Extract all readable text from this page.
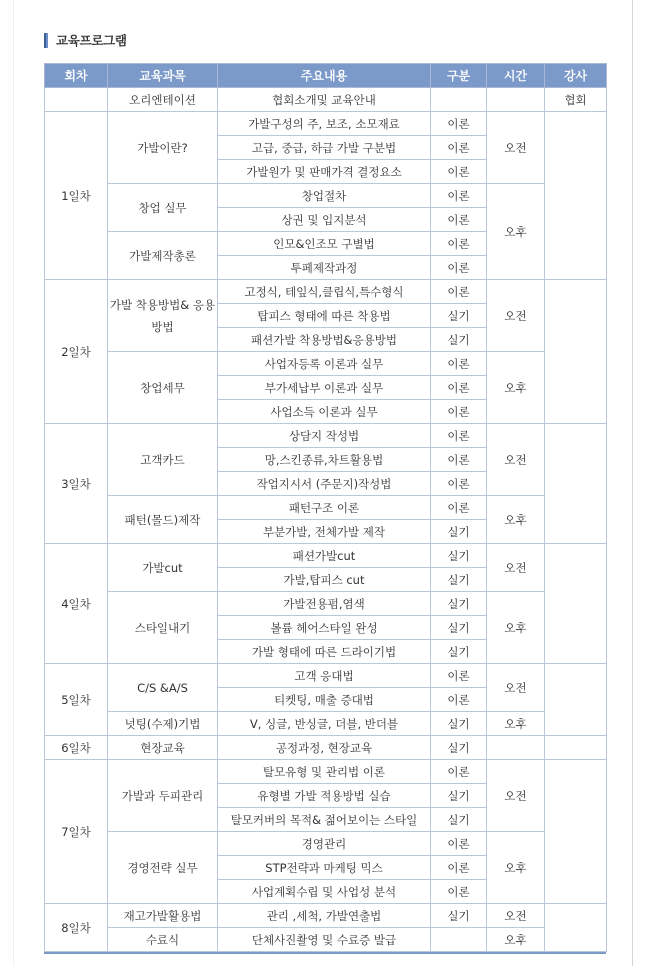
교육프로그램
회차	교육과목	주요내용	구분	시간	강사
	오리엔테이션	협회소개및 교육안내			협회
1일차	가발이란?	가발구성의 주, 보조, 소모재료	이론	오전	
		고급, 중급, 하급 가발 구분법	이론		
		가발원가 및 판매가격 결정요소	이론		
	창업 실무	창업절차	이론	오후	
		상권 및 입지분석	이론		
	가발제작총론	인모&인조모 구별법	이론		
		투페제작과정	이론		
2일차	가발 착용방법& 응용방법	고정식, 테잎식,클립식,특수형식	이론	오전	
		탑피스 형태에 따른 착용법	실기		
		패션가발 착용방법&응용방법	실기		
	창업세무	사업자등록 이론과 실무	이론	오후	
		부가세납부 이론과 실무	이론		
		사업소득 이론과 실무	이론		
3일차	고객카드	상담지 작성법	이론	오전	
		망,스킨종류,차트활용법	이론		
		작업지시서 (주문지)작성법	이론		
	패턴(몰드)제작	패턴구조 이론	이론	오후	
		부분가발, 전체가발 제작	실기		
4일차	가발cut	패션가발cut	실기	오전	
		가발,탑피스 cut	실기		
	스타일내기	가발전용펌,염색	실기	오후	
		볼륨 헤어스타일 완성	실기		
		가발 형태에 따른 드라이기법	실기		
5일차	C/S &A/S	고객 응대법	이론	오전	
		티켓팅, 매출 증대법	이론		
	넛팅(수제)기법	V, 싱글, 반싱글, 더블, 반더블	실기	오후	
6일차	현장교육	공정과정, 현장교육	실기		
7일차	가발과 두피관리	탈모유형 및 관리법 이론	이론	오전	
		유형별 가발 적용방법 실습	실기		
		탈모커버의 목적& 젊어보이는 스타일	실기		
	경영전략 실무	경영관리	이론	오후	
		STP전략과 마케팅 믹스	이론		
		사업계획수립 및 사업성 분석	이론		
8일차	재고가발활용법	관리 ,세척, 가발연출법	실기	오전	
	수료식	단체사진촬영 및 수료증 발급		오후	
